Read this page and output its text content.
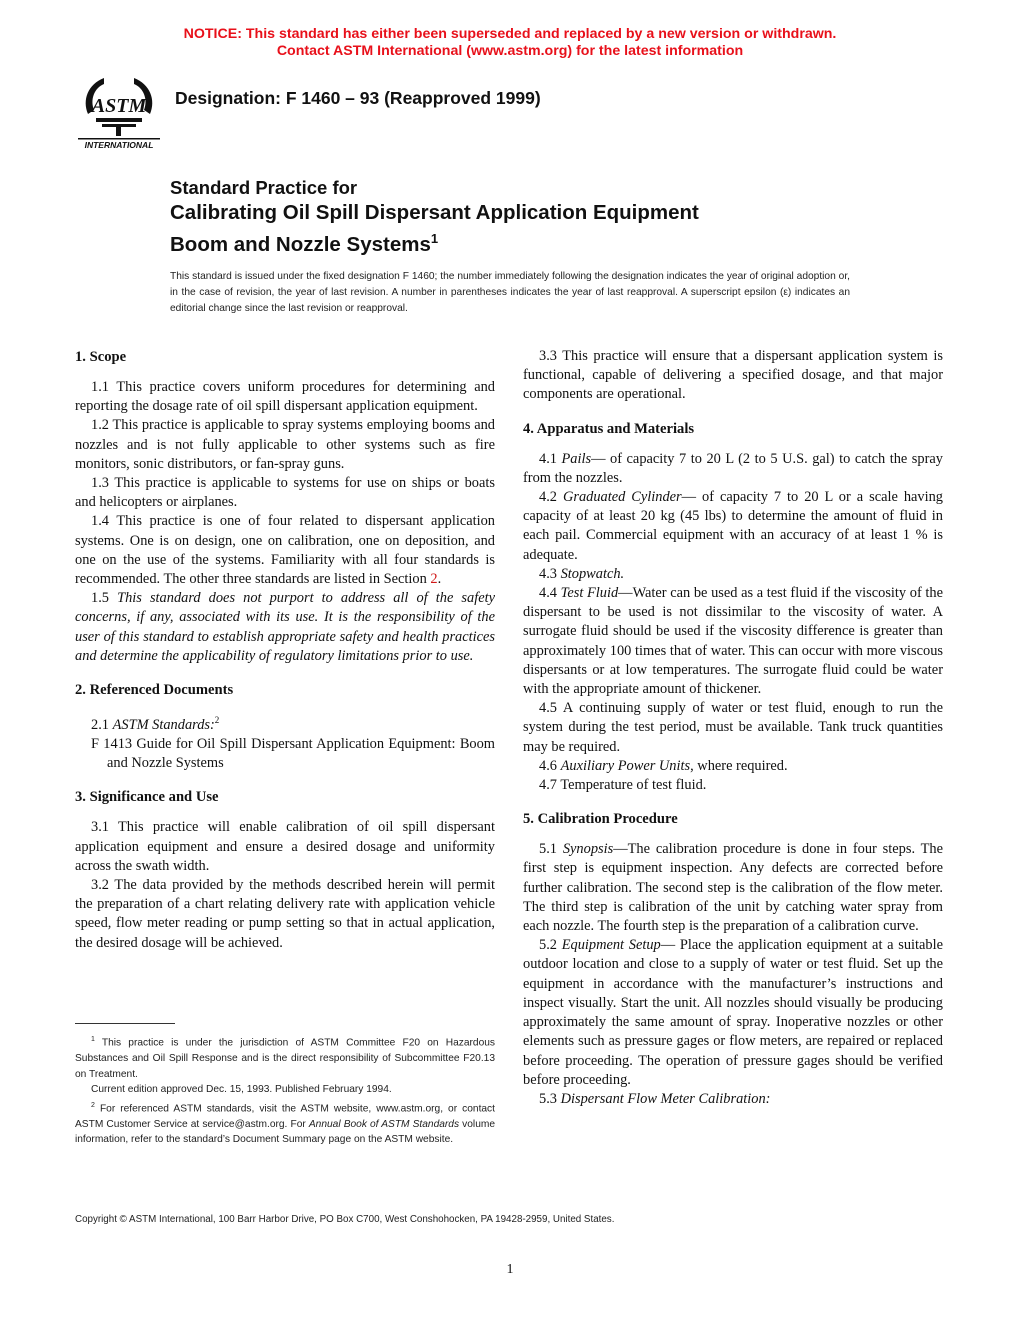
NOTICE: This standard has either been superseded and replaced by a new version or withdrawn.
Contact ASTM International (www.astm.org) for the latest information
ASTM
INTERNATIONAL
Designation: F 1460 – 93 (Reapproved 1999)
Standard Practice for
Calibrating Oil Spill Dispersant Application Equipment
Boom and Nozzle Systems$^1$
This standard is issued under the fixed designation F 1460; the number immediately following the designation indicates the year of original adoption or, in the case of revision, the year of last revision. A number in parentheses indicates the year of last reapproval. A superscript epsilon (ε) indicates an editorial change since the last revision or reapproval.
1. Scope

1.1 This practice covers uniform procedures for determining and reporting the dosage rate of oil spill dispersant application equipment.

1.2 This practice is applicable to spray systems employing booms and nozzles and is not fully applicable to other systems such as fire monitors, sonic distributors, or fan-spray guns.

1.3 This practice is applicable to systems for use on ships or boats and helicopters or airplanes.

1.4 This practice is one of four related to dispersant application systems. One is on design, one on calibration, one on deposition, and one on the use of the systems. Familiarity with all four standards is recommended. The other three standards are listed in Section 2.

1.5 This standard does not purport to address all of the safety concerns, if any, associated with its use. It is the responsibility of the user of this standard to establish appropriate safety and health practices and determine the applicability of regulatory limitations prior to use.

2. Referenced Documents

2.1 ASTM Standards:$^2$

F 1413 Guide for Oil Spill Dispersant Application Equipment: Boom and Nozzle Systems

3. Significance and Use

3.1 This practice will enable calibration of oil spill dispersant application equipment and ensure a desired dosage and uniformity across the swath width.

3.2 The data provided by the methods described herein will permit the preparation of a chart relating delivery rate with application vehicle speed, flow meter reading or pump setting so that in actual application, the desired dosage will be achieved.

3.3 This practice will ensure that a dispersant application system is functional, capable of delivering a specified dosage, and that major components are operational.

4. Apparatus and Materials

4.1 Pails— of capacity 7 to 20 L (2 to 5 U.S. gal) to catch the spray from the nozzles.

4.2 Graduated Cylinder— of capacity 7 to 20 L or a scale having capacity of at least 20 kg (45 lbs) to determine the amount of fluid in each pail. Commercial equipment with an accuracy of at least 1 % is adequate.

4.3 Stopwatch.

4.4 Test Fluid—Water can be used as a test fluid if the viscosity of the dispersant to be used is not dissimilar to the viscosity of water. A surrogate fluid should be used if the viscosity difference is greater than approximately 100 times that of water. This can occur with more viscous dispersants or at low temperatures. The surrogate fluid could be water with the appropriate amount of thickener.

4.5 A continuing supply of water or test fluid, enough to run the system during the test period, must be available. Tank truck quantities may be required.

4.6 Auxiliary Power Units, where required.

4.7 Temperature of test fluid.

5. Calibration Procedure

5.1 Synopsis—The calibration procedure is done in four steps. The first step is equipment inspection. Any defects are corrected before further calibration. The second step is the calibration of the flow meter. The third step is calibration of the unit by catching water spray from each nozzle. The fourth step is the preparation of a calibration curve.

5.2 Equipment Setup— Place the application equipment at a suitable outdoor location and close to a supply of water or test fluid. Set up the equipment in accordance with the manufacturer’s instructions and inspect visually. Start the unit. All nozzles should visually be producing approximately the same amount of spray. Inoperative nozzles or other elements such as pressure gages or flow meters, are repaired or replaced before proceeding. The operation of pressure gages should be verified before proceeding.

5.3 Dispersant Flow Meter Calibration:

$^1$ This practice is under the jurisdiction of ASTM Committee F20 on Hazardous Substances and Oil Spill Response and is the direct responsibility of Subcommittee F20.13 on Treatment.

Current edition approved Dec. 15, 1993. Published February 1994.

$^2$ For referenced ASTM standards, visit the ASTM website, www.astm.org, or contact ASTM Customer Service at service@astm.org. For Annual Book of ASTM Standards volume information, refer to the standard’s Document Summary page on the ASTM website.

Copyright © ASTM International, 100 Barr Harbor Drive, PO Box C700, West Conshohocken, PA 19428-2959, United States.
1
